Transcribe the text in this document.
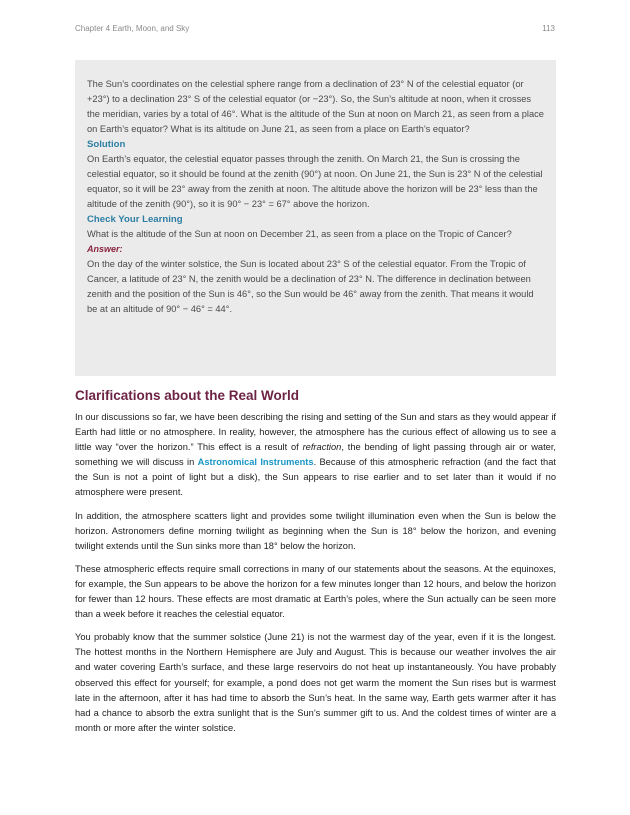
Chapter 4 Earth, Moon, and Sky	113

The Sun’s coordinates on the celestial sphere range from a declination of 23° N of the celestial equator (or +23°) to a declination 23° S of the celestial equator (or −23°). So, the Sun’s altitude at noon, when it crosses the meridian, varies by a total of 46°. What is the altitude of the Sun at noon on March 21, as seen from a place on Earth’s equator? What is its altitude on June 21, as seen from a place on Earth’s equator?

Solution

On Earth’s equator, the celestial equator passes through the zenith. On March 21, the Sun is crossing the celestial equator, so it should be found at the zenith (90°) at noon. On June 21, the Sun is 23° N of the celestial equator, so it will be 23° away from the zenith at noon. The altitude above the horizon will be 23° less than the altitude of the zenith (90°), so it is 90° − 23° = 67° above the horizon.

Check Your Learning

What is the altitude of the Sun at noon on December 21, as seen from a place on the Tropic of Cancer?

Answer:

On the day of the winter solstice, the Sun is located about 23° S of the celestial equator. From the Tropic of Cancer, a latitude of 23° N, the zenith would be a declination of 23° N. The difference in declination between zenith and the position of the Sun is 46°, so the Sun would be 46° away from the zenith. That means it would be at an altitude of 90° − 46° = 44°.

Clarifications about the Real World

In our discussions so far, we have been describing the rising and setting of the Sun and stars as they would appear if Earth had little or no atmosphere. In reality, however, the atmosphere has the curious effect of allowing us to see a little way “over the horizon.” This effect is a result of refraction, the bending of light passing through air or water, something we will discuss in Astronomical Instruments. Because of this atmospheric refraction (and the fact that the Sun is not a point of light but a disk), the Sun appears to rise earlier and to set later than it would if no atmosphere were present.

In addition, the atmosphere scatters light and provides some twilight illumination even when the Sun is below the horizon. Astronomers define morning twilight as beginning when the Sun is 18° below the horizon, and evening twilight extends until the Sun sinks more than 18° below the horizon.

These atmospheric effects require small corrections in many of our statements about the seasons. At the equinoxes, for example, the Sun appears to be above the horizon for a few minutes longer than 12 hours, and below the horizon for fewer than 12 hours. These effects are most dramatic at Earth’s poles, where the Sun actually can be seen more than a week before it reaches the celestial equator.

You probably know that the summer solstice (June 21) is not the warmest day of the year, even if it is the longest. The hottest months in the Northern Hemisphere are July and August. This is because our weather involves the air and water covering Earth’s surface, and these large reservoirs do not heat up instantaneously. You have probably observed this effect for yourself; for example, a pond does not get warm the moment the Sun rises but is warmest late in the afternoon, after it has had time to absorb the Sun’s heat. In the same way, Earth gets warmer after it has had a chance to absorb the extra sunlight that is the Sun’s summer gift to us. And the coldest times of winter are a month or more after the winter solstice.
